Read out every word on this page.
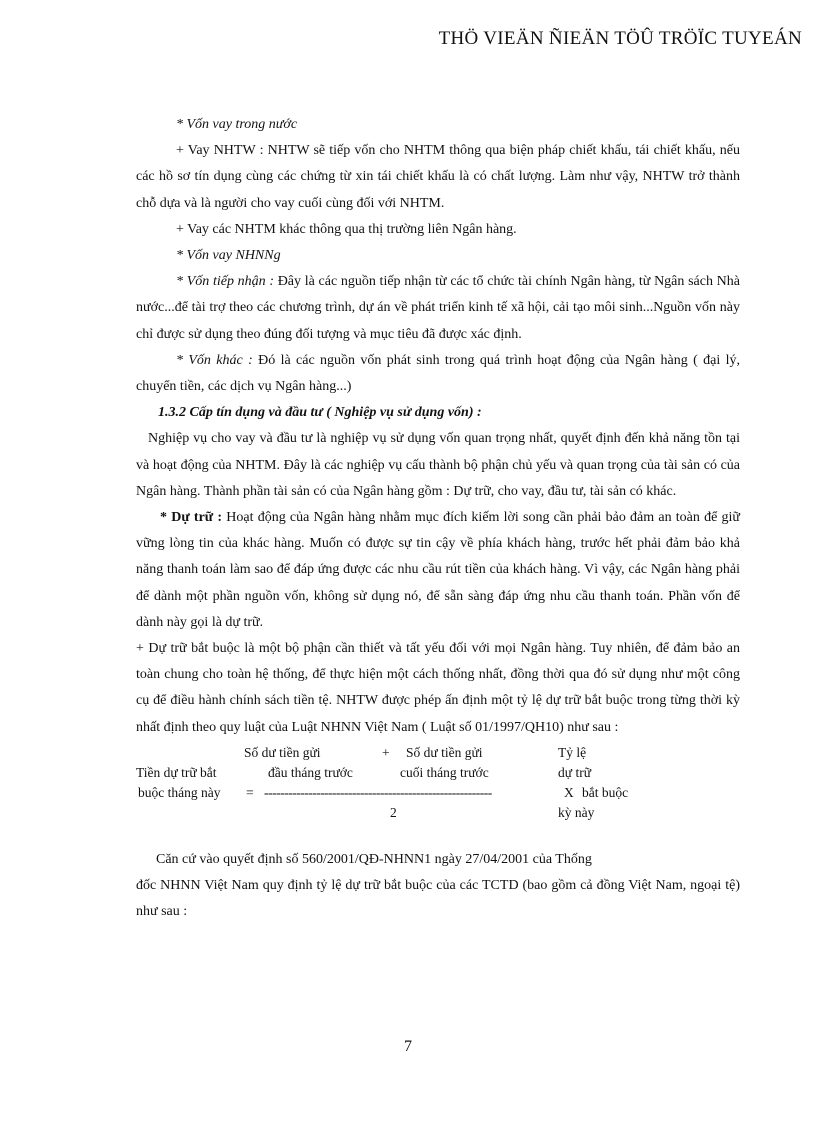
THÖ VIEÄN ÑIEÄN TÖÛ TRÖÏC TUYEÁN

* Vốn vay trong nước

+ Vay NHTW : NHTW sẽ tiếp vốn cho NHTM thông qua biện pháp chiết khấu, tái chiết khấu, nếu các hồ sơ tín dụng cùng các chứng từ xin tái chiết khấu là có chất lượng. Làm như vậy, NHTW trở thành chỗ dựa và là người cho vay cuối cùng đối với NHTM.

+ Vay các NHTM khác thông qua thị trường liên Ngân hàng.

* Vốn vay NHNNg

* Vốn tiếp nhận : Đây là các nguồn tiếp nhận từ các tổ chức tài chính Ngân hàng, từ Ngân sách Nhà nước...để tài trợ theo các chương trình, dự án về phát triển kinh tế xã hội, cải tạo môi sinh...Nguồn vốn này chỉ được sử dụng theo đúng đối tượng và mục tiêu đã được xác định.

* Vốn khác : Đó là các nguồn vốn phát sinh trong quá trình hoạt động của Ngân hàng ( đại lý, chuyển tiền, các dịch vụ Ngân hàng...)

1.3.2 Cấp tín dụng và đầu tư ( Nghiệp vụ sử dụng vốn) :

Nghiệp vụ cho vay và đầu tư là nghiệp vụ sử dụng vốn quan trọng nhất, quyết định đến khả năng tồn tại và hoạt động của NHTM. Đây là các nghiệp vụ cấu thành bộ phận chủ yếu và quan trọng của tài sản có của Ngân hàng. Thành phần tài sản có của Ngân hàng gồm : Dự trữ, cho vay, đầu tư, tài sản có khác.

* Dự trữ : Hoạt động của Ngân hàng nhằm mục đích kiếm lời song cần phải bảo đảm an toàn để giữ vững lòng tin của khác hàng. Muốn có được sự tin cậy về phía khách hàng, trước hết phải đảm bảo khả năng thanh toán làm sao để đáp ứng được các nhu cầu rút tiền của khách hàng. Vì vậy, các Ngân hàng phải để dành một phần nguồn vốn, không sử dụng nó, để sẵn sàng đáp ứng nhu cầu thanh toán. Phần vốn để dành này gọi là dự trữ.

+ Dự trữ bắt buộc là một bộ phận cần thiết và tất yếu đối với mọi Ngân hàng. Tuy nhiên, để đảm bảo an toàn chung cho toàn hệ thống, để thực hiện một cách thống nhất, đồng thời qua đó sử dụng như một công cụ để điều hành chính sách tiền tệ. NHTW được phép ấn định một tỷ lệ dự trữ bắt buộc trong từng thời kỳ nhất định theo quy luật của Luật NHNN Việt Nam ( Luật số 01/1997/QH10) như sau :

Số dư tiền gửi	+ Số dư tiền gửi	Tỷ lệ
Tiền dự trữ bắt	đầu tháng trước	cuối tháng trước	dự trữ
buộc tháng này = ---------------------------------------------------------	X bắt buộc
2	kỳ này

Căn cứ vào quyết định số 560/2001/QĐ-NHNN1 ngày 27/04/2001 của Thống

đốc NHNN Việt Nam quy định tỷ lệ dự trữ bắt buộc của các TCTD (bao gồm cả đồng Việt Nam, ngoại tệ) như sau :

7
